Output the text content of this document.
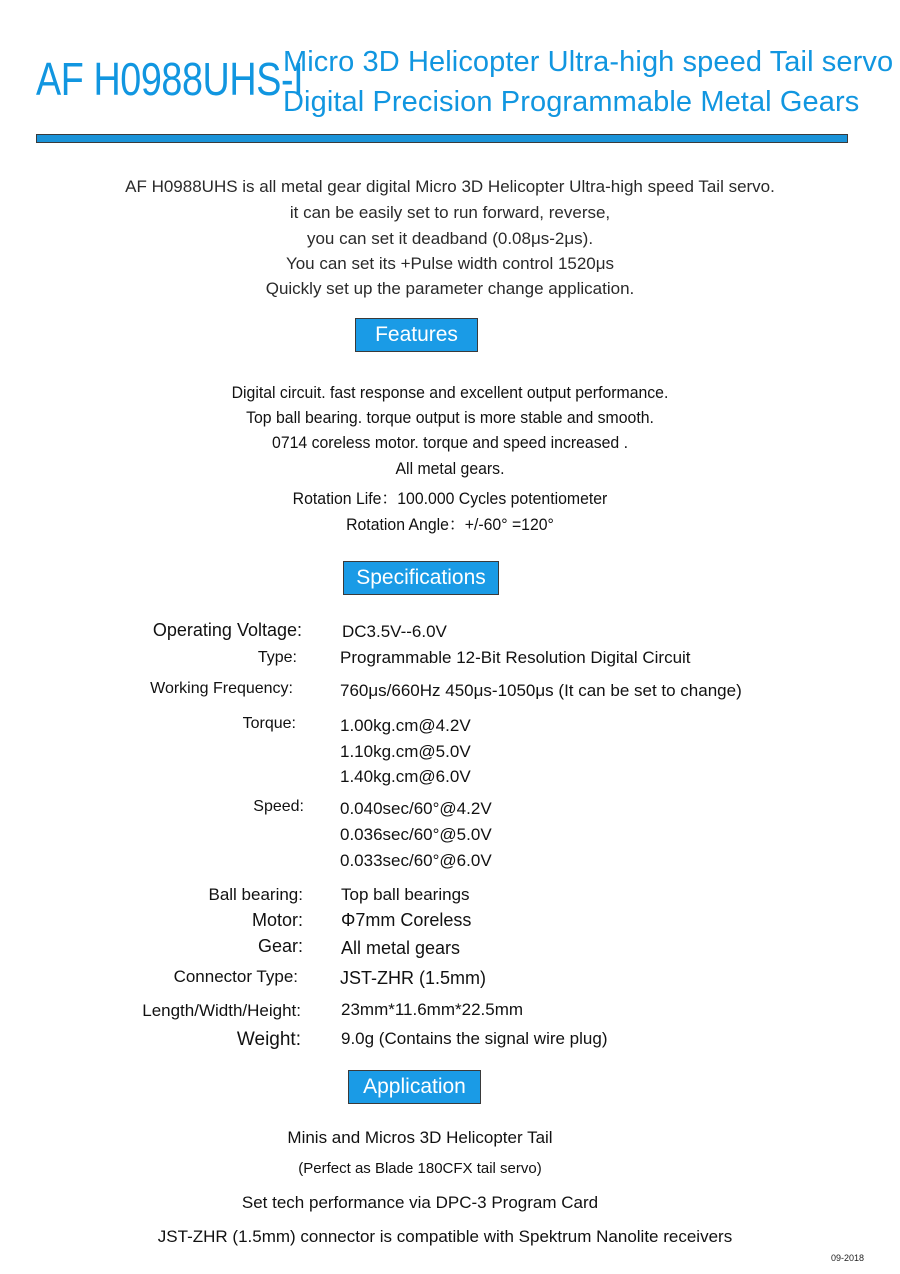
AF H0988UHS-I
Micro 3D Helicopter Ultra-high speed Tail servo
Digital Precision Programmable Metal Gears
AF H0988UHS is all metal gear digital Micro 3D Helicopter Ultra-high speed Tail servo.
it can be easily set to run forward, reverse,
you can set it deadband (0.08μs-2μs).
You can set its +Pulse width control 1520μs
Quickly set up the parameter change application.
Features
Digital circuit. fast response and excellent output performance.
Top ball bearing. torque output is more stable and smooth.
0714 coreless motor. torque and speed increased .
All metal gears.
Rotation Life：100.000 Cycles potentiometer
Rotation Angle：+/-60° =120°
Specifications
Operating Voltage: DC3.5V--6.0V
Type:	Programmable 12-Bit Resolution Digital Circuit
Working Frequency:	760μs/660Hz 450μs-1050μs (It can be set to change)
Torque:	1.00kg.cm@4.2V
1.10kg.cm@5.0V
1.40kg.cm@6.0V
Speed: 0.040sec/60°@4.2V
0.036sec/60°@5.0V
0.033sec/60°@6.0V
Ball bearing: Top ball bearings
Motor: Φ7mm Coreless
Gear: All metal gears
Connector Type: JST-ZHR (1.5mm)
Length/Width/Height: 23mm*11.6mm*22.5mm
Weight: 9.0g (Contains the signal wire plug)
Application
Minis and Micros 3D Helicopter Tail
(Perfect as Blade 180CFX tail servo)
Set tech performance via DPC-3 Program Card
JST-ZHR (1.5mm) connector is compatible with Spektrum Nanolite receivers
09-2018
